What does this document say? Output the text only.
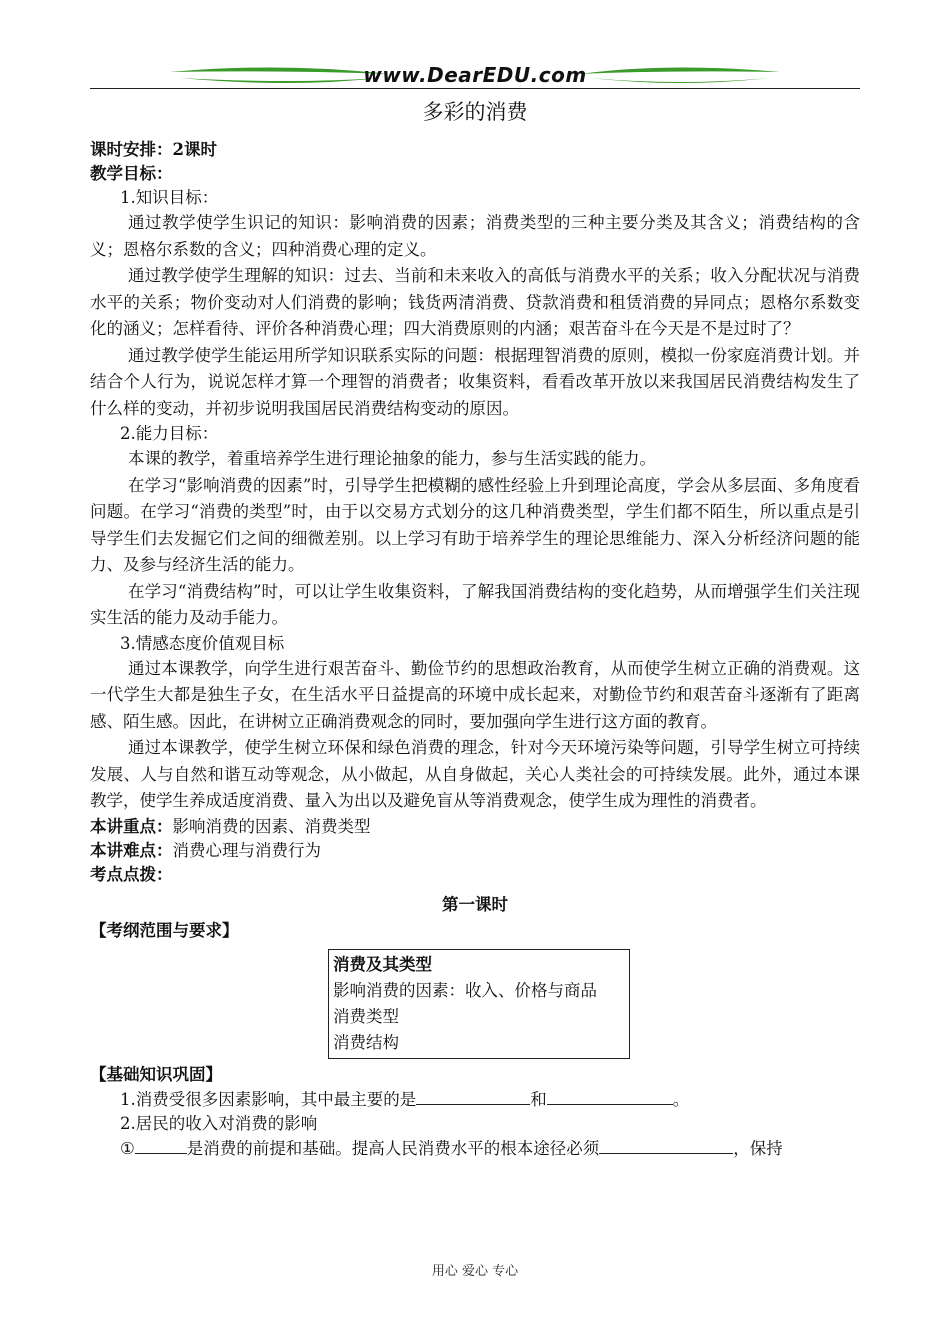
www.DearEDU.com
多彩的消费

课时安排：2课时

教学目标：

1.知识目标：

通过教学使学生识记的知识：影响消费的因素；消费类型的三种主要分类及其含义；消费结构的含义；恩格尔系数的含义；四种消费心理的定义。

通过教学使学生理解的知识：过去、当前和未来收入的高低与消费水平的关系；收入分配状况与消费水平的关系；物价变动对人们消费的影响；钱货两清消费、贷款消费和租赁消费的异同点；恩格尔系数变化的涵义；怎样看待、评价各种消费心理；四大消费原则的内涵；艰苦奋斗在今天是不是过时了？

通过教学使学生能运用所学知识联系实际的问题：根据理智消费的原则，模拟一份家庭消费计划。并结合个人行为，说说怎样才算一个理智的消费者；收集资料，看看改革开放以来我国居民消费结构发生了什么样的变动，并初步说明我国居民消费结构变动的原因。

2.能力目标：

本课的教学，着重培养学生进行理论抽象的能力，参与生活实践的能力。

在学习“影响消费的因素”时，引导学生把模糊的感性经验上升到理论高度，学会从多层面、多角度看问题。在学习“消费的类型”时，由于以交易方式划分的这几种消费类型，学生们都不陌生，所以重点是引导学生们去发掘它们之间的细微差别。以上学习有助于培养学生的理论思维能力、深入分析经济问题的能力、及参与经济生活的能力。

在学习“消费结构”时，可以让学生收集资料，了解我国消费结构的变化趋势，从而增强学生们关注现实生活的能力及动手能力。

3.情感态度价值观目标

通过本课教学，向学生进行艰苦奋斗、勤俭节约的思想政治教育，从而使学生树立正确的消费观。这一代学生大都是独生子女，在生活水平日益提高的环境中成长起来，对勤俭节约和艰苦奋斗逐渐有了距离感、陌生感。因此，在讲树立正确消费观念的同时，要加强向学生进行这方面的教育。

通过本课教学，使学生树立环保和绿色消费的理念，针对今天环境污染等问题，引导学生树立可持续发展、人与自然和谐互动等观念，从小做起，从自身做起，关心人类社会的可持续发展。此外，通过本课教学，使学生养成适度消费、量入为出以及避免盲从等消费观念，使学生成为理性的消费者。

本讲重点：影响消费的因素、消费类型

本讲难点：消费心理与消费行为

考点点拨：

第一课时

【考纲范围与要求】

消费及其类型

影响消费的因素：收入、价格与商品

消费类型

消费结构

【基础知识巩固】

1.消费受很多因素影响，其中最主要的是	和	。

2.居民的收入对消费的影响

①	是消费的前提和基础。提高人民消费水平的根本途径必须	，保持

用心 爱心 专心
